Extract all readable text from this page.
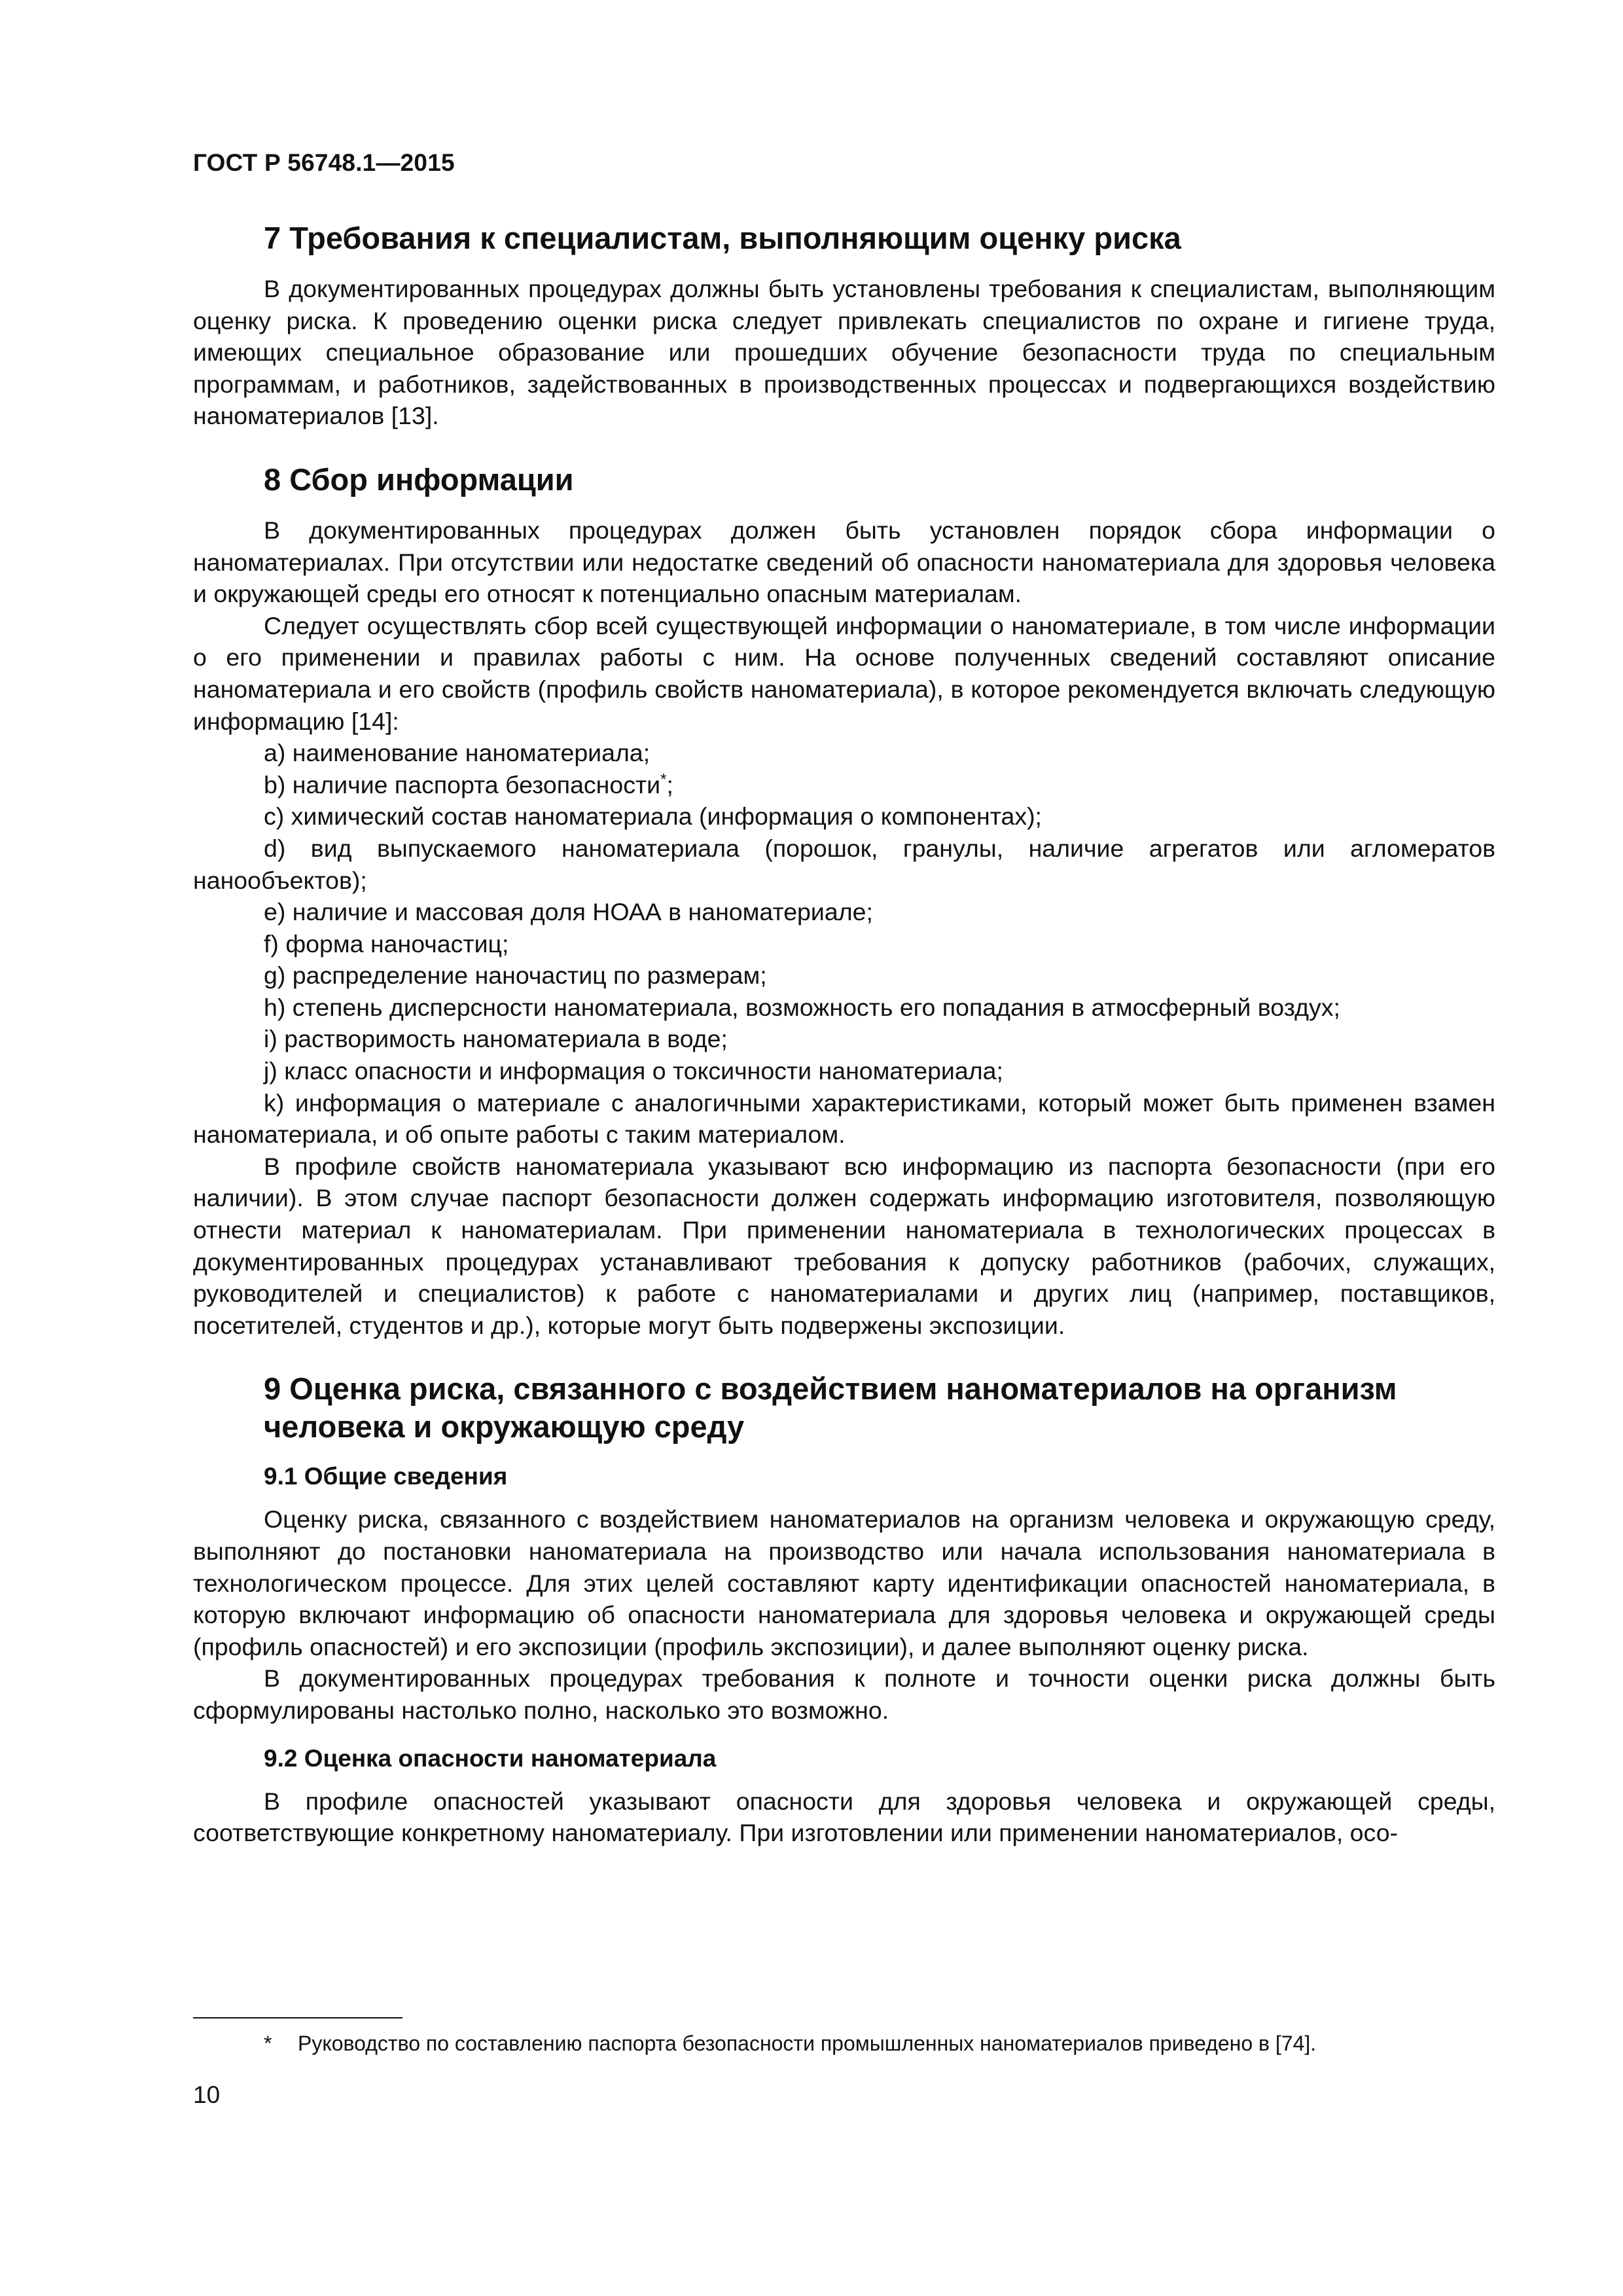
ГОСТ Р 56748.1—2015
7 Требования к специалистам, выполняющим оценку риска

В документированных процедурах должны быть установлены требования к специалистам, выполняющим оценку риска. К проведению оценки риска следует привлекать специалистов по охране и гигиене труда, имеющих специальное образование или прошедших обучение безопасности труда по специальным программам, и работников, задействованных в производственных процессах и подвергающихся воздействию наноматериалов [13].

8 Сбор информации

В документированных процедурах должен быть установлен порядок сбора информации о наноматериалах. При отсутствии или недостатке сведений об опасности наноматериала для здоровья человека и окружающей среды его относят к потенциально опасным материалам.

Следует осуществлять сбор всей существующей информации о наноматериале, в том числе информации о его применении и правилах работы с ним. На основе полученных сведений составляют описание наноматериала и его свойств (профиль свойств наноматериала), в которое рекомендуется включать следующую информацию [14]:

a) наименование наноматериала;

b) наличие паспорта безопасности*;

c) химический состав наноматериала (информация о компонентах);

d) вид выпускаемого наноматериала (порошок, гранулы, наличие агрегатов или агломератов нанообъектов);

e) наличие и массовая доля НОАА в наноматериале;

f) форма наночастиц;

g) распределение наночастиц по размерам;

h) степень дисперсности наноматериала, возможность его попадания в атмосферный воздух;

i) растворимость наноматериала в воде;

j) класс опасности и информация о токсичности наноматериала;

k) информация о материале с аналогичными характеристиками, который может быть применен взамен наноматериала, и об опыте работы с таким материалом.

В профиле свойств наноматериала указывают всю информацию из паспорта безопасности (при его наличии). В этом случае паспорт безопасности должен содержать информацию изготовителя, позволяющую отнести материал к наноматериалам. При применении наноматериала в технологических процессах в документированных процедурах устанавливают требования к допуску работников (рабочих, служащих, руководителей и специалистов) к работе с наноматериалами и других лиц (например, поставщиков, посетителей, студентов и др.), которые могут быть подвержены экспозиции.

9 Оценка риска, связанного с воздействием наноматериалов на организм человека и окружающую среду
9.1 Общие сведения

Оценку риска, связанного с воздействием наноматериалов на организм человека и окружающую среду, выполняют до постановки наноматериала на производство или начала использования наноматериала в технологическом процессе. Для этих целей составляют карту идентификации опасностей наноматериала, в которую включают информацию об опасности наноматериала для здоровья человека и окружающей среды (профиль опасностей) и его экспозиции (профиль экспозиции), и далее выполняют оценку риска.

В документированных процедурах требования к полноте и точности оценки риска должны быть сформулированы настолько полно, насколько это возможно.

9.2 Оценка опасности наноматериала

В профиле опасностей указывают опасности для здоровья человека и окружающей среды, соответствующие конкретному наноматериалу. При изготовлении или применении наноматериалов, осо-

* Руководство по составлению паспорта безопасности промышленных наноматериалов приведено в [74].
10
